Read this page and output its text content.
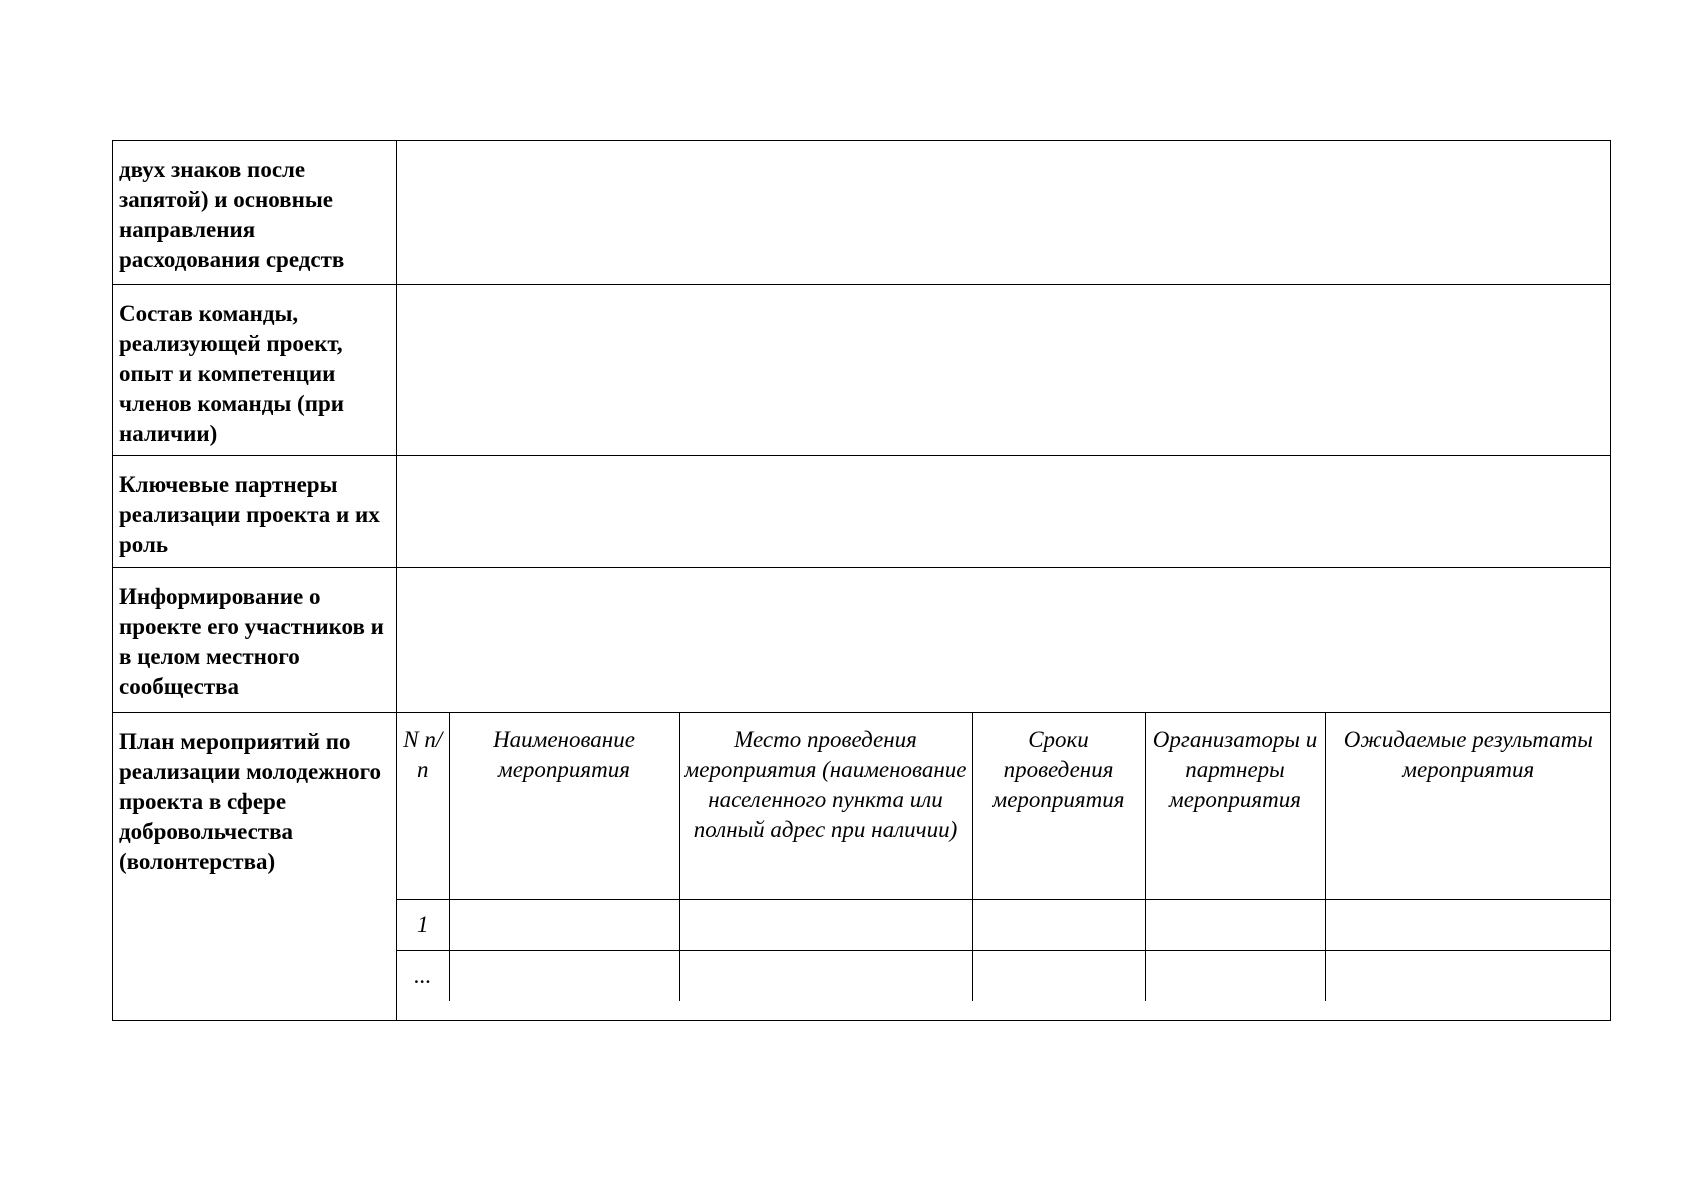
двух знаков после запятой) и основные направления расходования средств	
Состав команды, реализующей проект, опыт и компетенции членов команды (при наличии)	
Ключевые партнеры реализации проекта и их роль	
Информирование о проекте его участников и в целом местного сообщества	
План мероприятий по реализации молодежного проекта в сфере добровольчества (волонтерства)	
N п/п	Наименование мероприятия	Место проведения мероприятия (наименование населенного пункта или полный адрес при наличии)	Сроки проведения мероприятия	Организаторы и партнеры мероприятия	Ожидаемые результаты мероприятия
1					
...					
